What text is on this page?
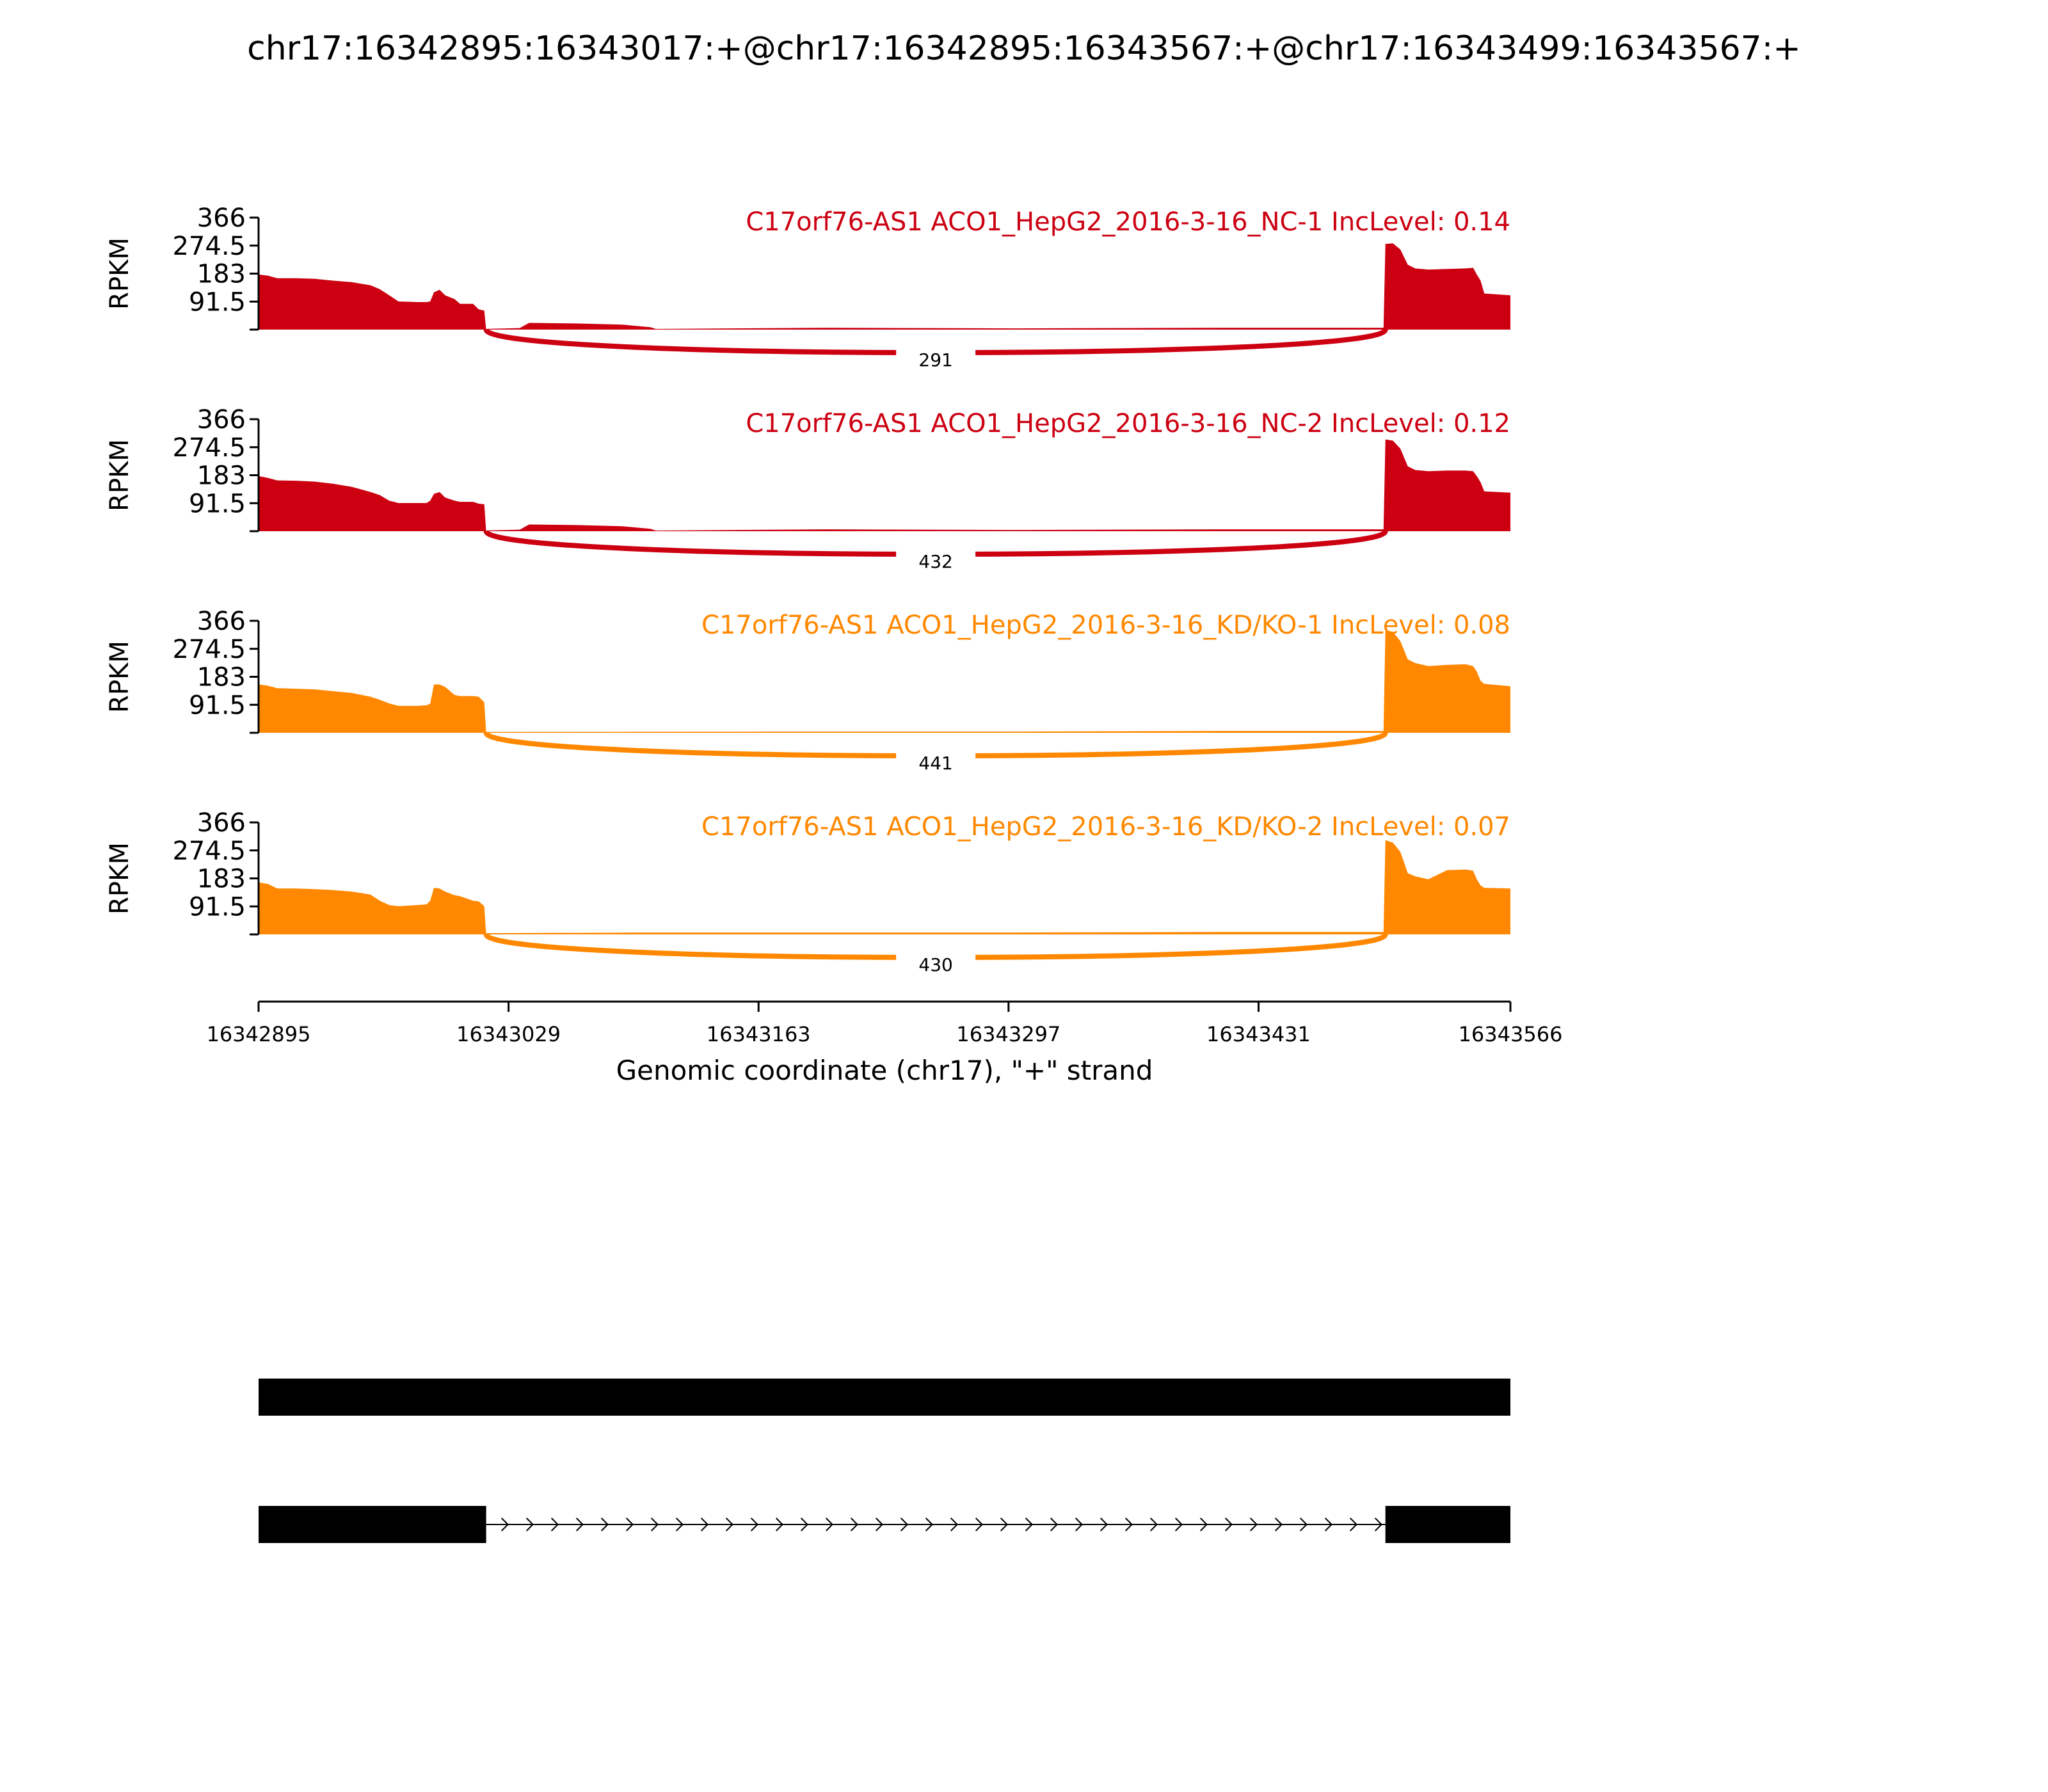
chr17:16342895:16343017:+@chr17:16342895:16343567:+@chr17:16343499:16343567:+
366
274.5
183
91.5
RPKM
C17orf76-AS1 ACO1_HepG2_2016-3-16_NC-1 IncLevel: 0.14
291
366
274.5
183
91.5
RPKM
C17orf76-AS1 ACO1_HepG2_2016-3-16_NC-2 IncLevel: 0.12
432
366
274.5
183
91.5
RPKM
C17orf76-AS1 ACO1_HepG2_2016-3-16_KD/KO-1 IncLevel: 0.08
441
366
274.5
183
91.5
RPKM
C17orf76-AS1 ACO1_HepG2_2016-3-16_KD/KO-2 IncLevel: 0.07
430
16342895	16343029	16343163	16343297	16343431	16343566
Genomic coordinate (chr17), "+" strand
